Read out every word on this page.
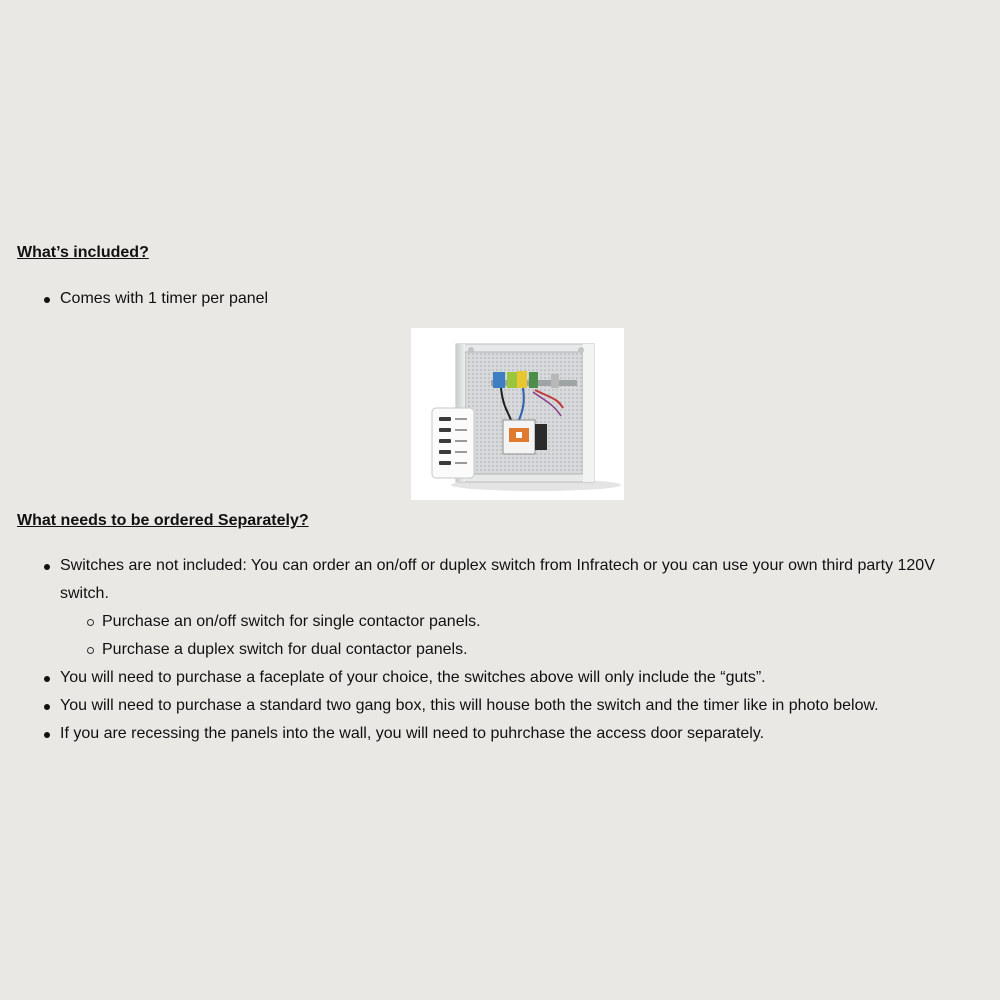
What’s included?
Comes with 1 timer per panel
What needs to be ordered Separately?
Switches are not included: You can order an on/off or duplex switch from Infratech or you can use your own third party 120V switch.
Purchase an on/off switch for single contactor panels.
Purchase a duplex switch for dual contactor panels.
You will need to purchase a faceplate of your choice, the switches above will only include the “guts”.
You will need to purchase a standard two gang box, this will house both the switch and the timer like in photo below.
If you are recessing the panels into the wall, you will need to puhrchase the access door separately.
